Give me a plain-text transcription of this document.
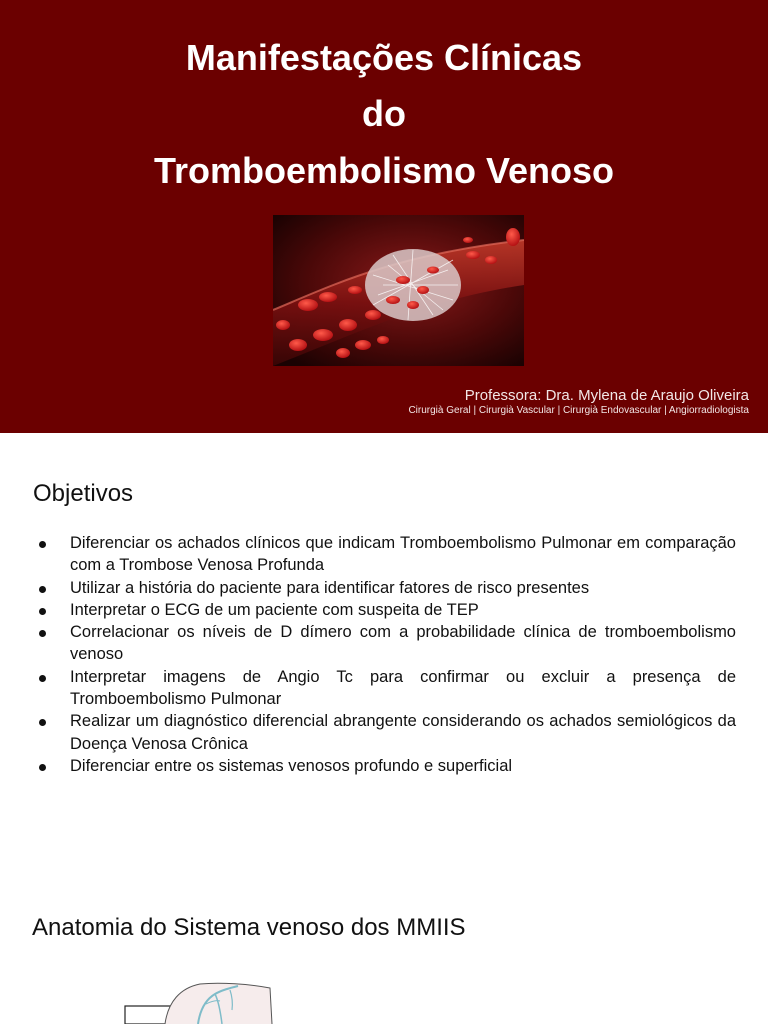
Manifestações Clínicas
do
Tromboembolismo Venoso
Professora: Dra. Mylena de Araujo Oliveira
Cirurgià Geral | Cirurgià Vascular | Cirurgià Endovascular | Angiorradiologista
Objetivos
Diferenciar os achados clínicos que indicam Tromboembolismo Pulmonar em comparação com a Trombose Venosa Profunda
Utilizar a história do paciente para identificar fatores de risco presentes
Interpretar o ECG de um paciente com suspeita de TEP
Correlacionar os níveis de D dímero com a probabilidade clínica de tromboembolismo venoso
Interpretar imagens de Angio Tc para confirmar ou excluir a presença de Tromboembolismo Pulmonar
Realizar um diagnóstico diferencial abrangente considerando os achados semiológicos da Doença Venosa Crônica
Diferenciar entre os sistemas venosos profundo e superficial
Anatomia do Sistema venoso dos MMIIS
